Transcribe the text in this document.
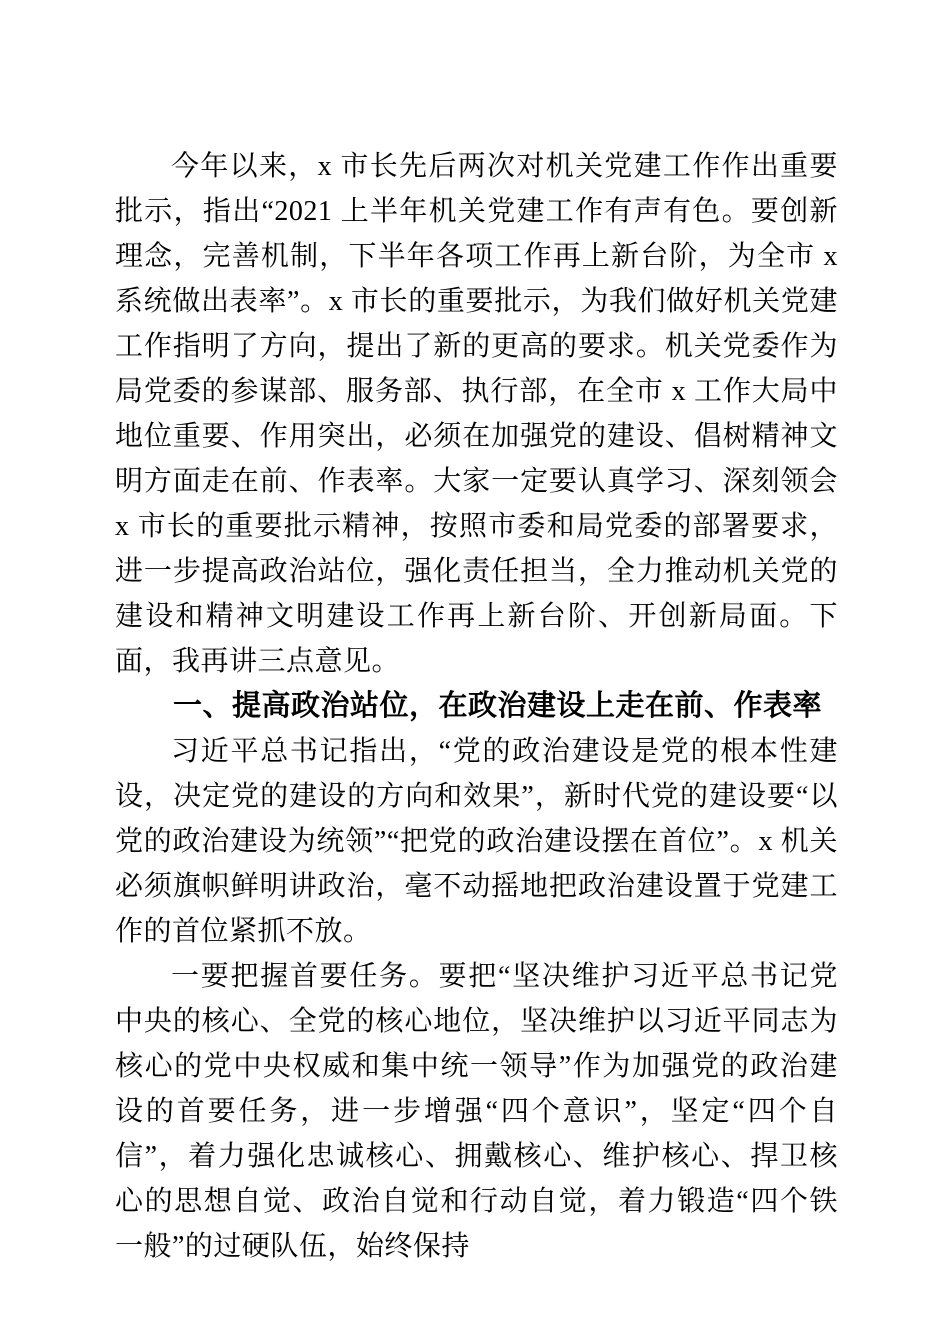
今年以来，x 市长先后两次对机关党建工作作出重要批示，指出“2021 上半年机关党建工作有声有色。要创新理念，完善机制，下半年各项工作再上新台阶，为全市 x 系统做出表率”。x 市长的重要批示，为我们做好机关党建工作指明了方向，提出了新的更高的要求。机关党委作为局党委的参谋部、服务部、执行部，在全市 x 工作大局中地位重要、作用突出，必须在加强党的建设、倡树精神文明方面走在前、作表率。大家一定要认真学习、深刻领会 x 市长的重要批示精神，按照市委和局党委的部署要求，进一步提高政治站位，强化责任担当，全力推动机关党的建设和精神文明建设工作再上新台阶、开创新局面。下面，我再讲三点意见。

一、提高政治站位，在政治建设上走在前、作表率

习近平总书记指出，“党的政治建设是党的根本性建设，决定党的建设的方向和效果”，新时代党的建设要“以党的政治建设为统领”“把党的政治建设摆在首位”。x 机关必须旗帜鲜明讲政治，毫不动摇地把政治建设置于党建工作的首位紧抓不放。

一要把握首要任务。要把“坚决维护习近平总书记党中央的核心、全党的核心地位，坚决维护以习近平同志为核心的党中央权威和集中统一领导”作为加强党的政治建设的首要任务，进一步增强“四个意识”，坚定“四个自信”，着力强化忠诚核心、拥戴核心、维护核心、捍卫核心的思想自觉、政治自觉和行动自觉，着力锻造“四个铁一般”的过硬队伍，始终保持
